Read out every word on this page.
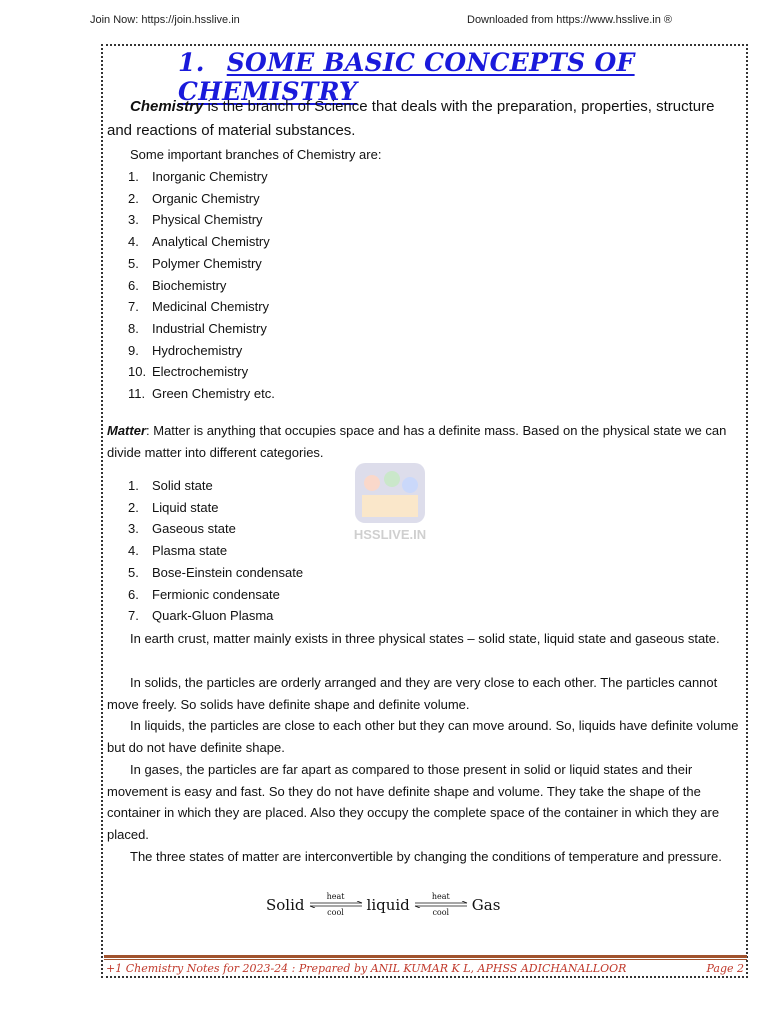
Join Now: https://join.hsslive.in	Downloaded from https://www.hsslive.in ®
1. SOME BASIC CONCEPTS OF CHEMISTRY
Chemistry is the branch of Science that deals with the preparation, properties, structure and reactions of material substances.
Some important branches of Chemistry are:
1.	Inorganic Chemistry
2.	Organic Chemistry
3.	Physical Chemistry
4.	Analytical Chemistry
5.	Polymer Chemistry
6.	Biochemistry
7.	Medicinal Chemistry
8.	Industrial Chemistry
9.	Hydrochemistry
10. Electrochemistry
11. Green Chemistry etc.
Matter: Matter is anything that occupies space and has a definite mass. Based on the physical state we can divide matter into different categories.
HSSLIVE.IN
1.	Solid state
2.	Liquid state
3.	Gaseous state
4.	Plasma state
5.	Bose-Einstein condensate
6.	Fermionic condensate
7.	Quark-Gluon Plasma
In earth crust, matter mainly exists in three physical states – solid state, liquid state and gaseous state.
In solids, the particles are orderly arranged and they are very close to each other. The particles cannot move freely. So solids have definite shape and definite volume.
In liquids, the particles are close to each other but they can move around. So, liquids have definite volume but do not have definite shape.
In gases, the particles are far apart as compared to those present in solid or liquid states and their movement is easy and fast. So they do not have definite shape and volume. They take the shape of the container in which they are placed. Also they occupy the complete space of the container in which they are placed.
The three states of matter are interconvertible by changing the conditions of temperature and pressure.
Solid	heat
cool liquid	heat
cool Gas
+1 Chemistry Notes for 2023-24 : Prepared by ANIL KUMAR K L, APHSS ADICHANALLOOR	Page 2
